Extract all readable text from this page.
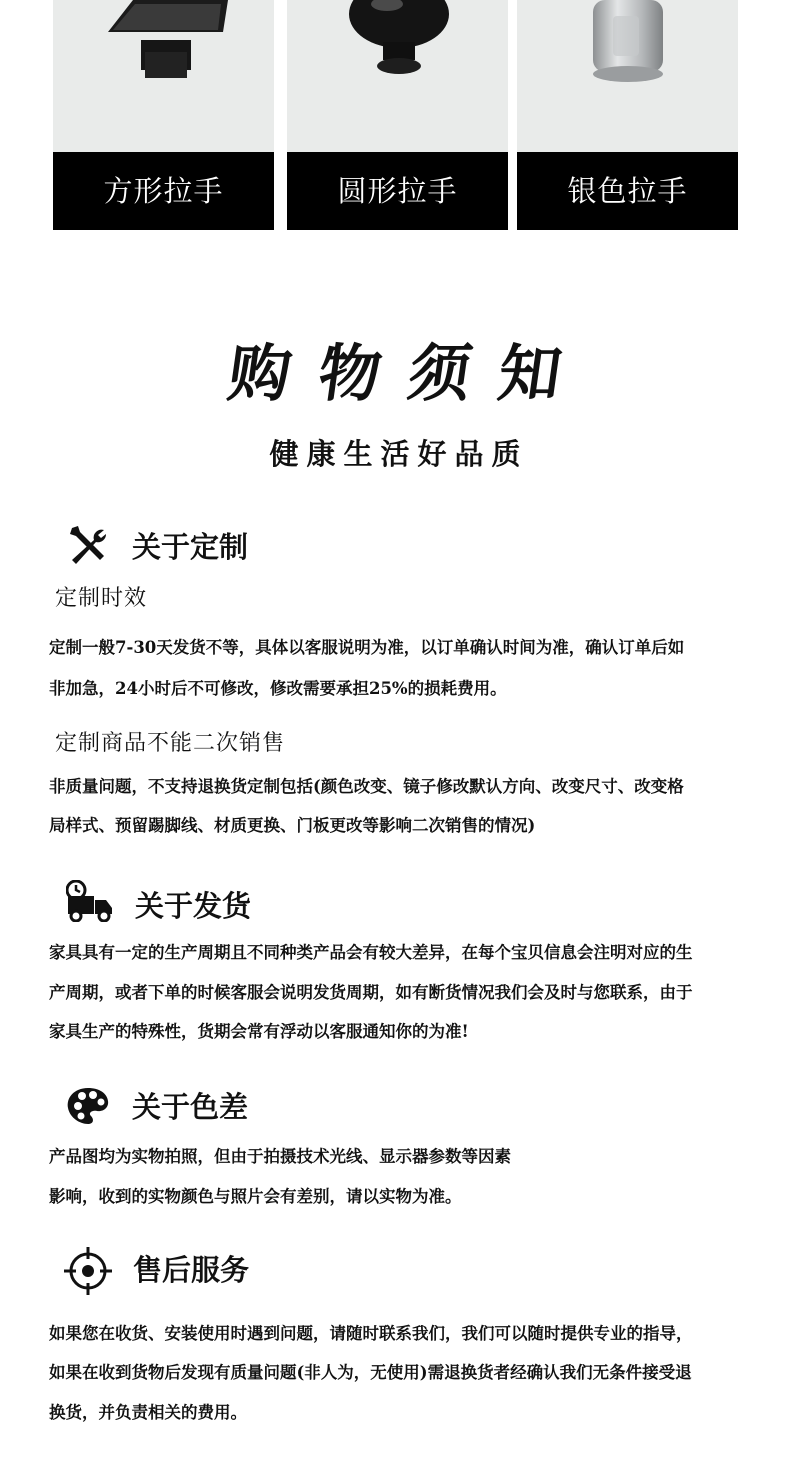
方形拉手	圆形拉手	银色拉手
购物须知
健康生活好品质
关于定制
定制时效
定制一般7-30天发货不等，具体以客服说明为准，以订单确认时间为准，确认订单后如
非加急，24小时后不可修改，修改需要承担25%的损耗费用。
定制商品不能二次销售
非质量问题，不支持退换货定制包括(颜色改变、镜子修改默认方向、改变尺寸、改变格
局样式、预留踢脚线、材质更换、门板更改等影响二次销售的情况)
关于发货
家具具有一定的生产周期且不同种类产品会有较大差异，在每个宝贝信息会注明对应的生
产周期，或者下单的时候客服会说明发货周期，如有断货情况我们会及时与您联系，由于
家具生产的特殊性，货期会常有浮动以客服通知你的为准!
关于色差
产品图均为实物拍照，但由于拍摄技术光线、显示器参数等因素
影响，收到的实物颜色与照片会有差别，请以实物为准。
售后服务
如果您在收货、安装使用时遇到问题，请随时联系我们，我们可以随时提供专业的指导，
如果在收到货物后发现有质量问题(非人为，无使用)需退换货者经确认我们无条件接受退
换货，并负责相关的费用。
